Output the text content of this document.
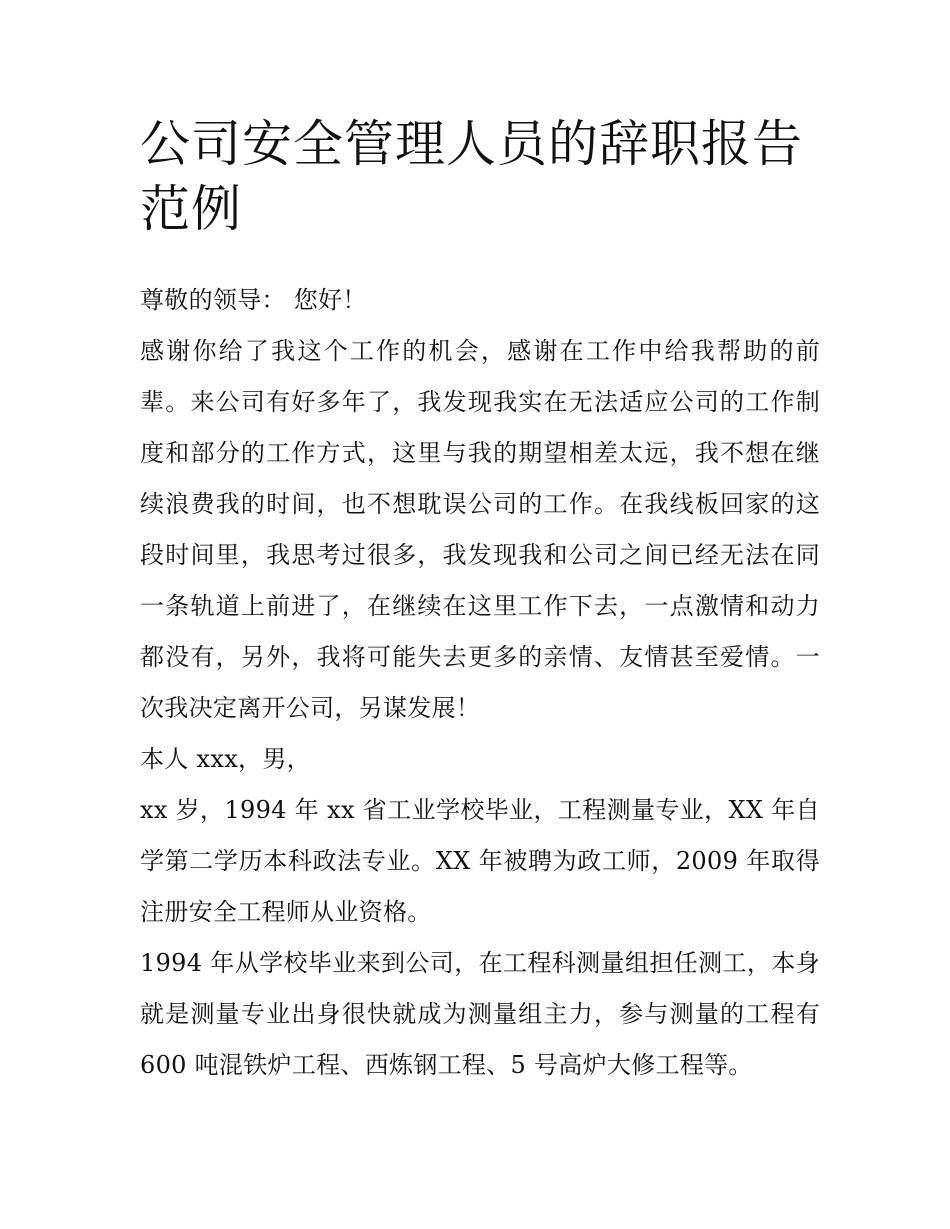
公司安全管理人员的辞职报告范例

尊敬的领导： 您好！

感谢你给了我这个工作的机会，感谢在工作中给我帮助的前辈。来公司有好多年了，我发现我实在无法适应公司的工作制度和部分的工作方式，这里与我的期望相差太远，我不想在继续浪费我的时间，也不想耽误公司的工作。在我线板回家的这段时间里，我思考过很多，我发现我和公司之间已经无法在同一条轨道上前进了，在继续在这里工作下去，一点激情和动力都没有，另外，我将可能失去更多的亲情、友情甚至爱情。一次我决定离开公司，另谋发展！

本人 xxx，男，

xx 岁，1994 年 xx 省工业学校毕业，工程测量专业，XX 年自学第二学历本科政法专业。XX 年被聘为政工师，2009 年取得注册安全工程师从业资格。

1994 年从学校毕业来到公司，在工程科测量组担任测工，本身就是测量专业出身很快就成为测量组主力，参与测量的工程有 600 吨混铁炉工程、西炼钢工程、5 号高炉大修工程等。
